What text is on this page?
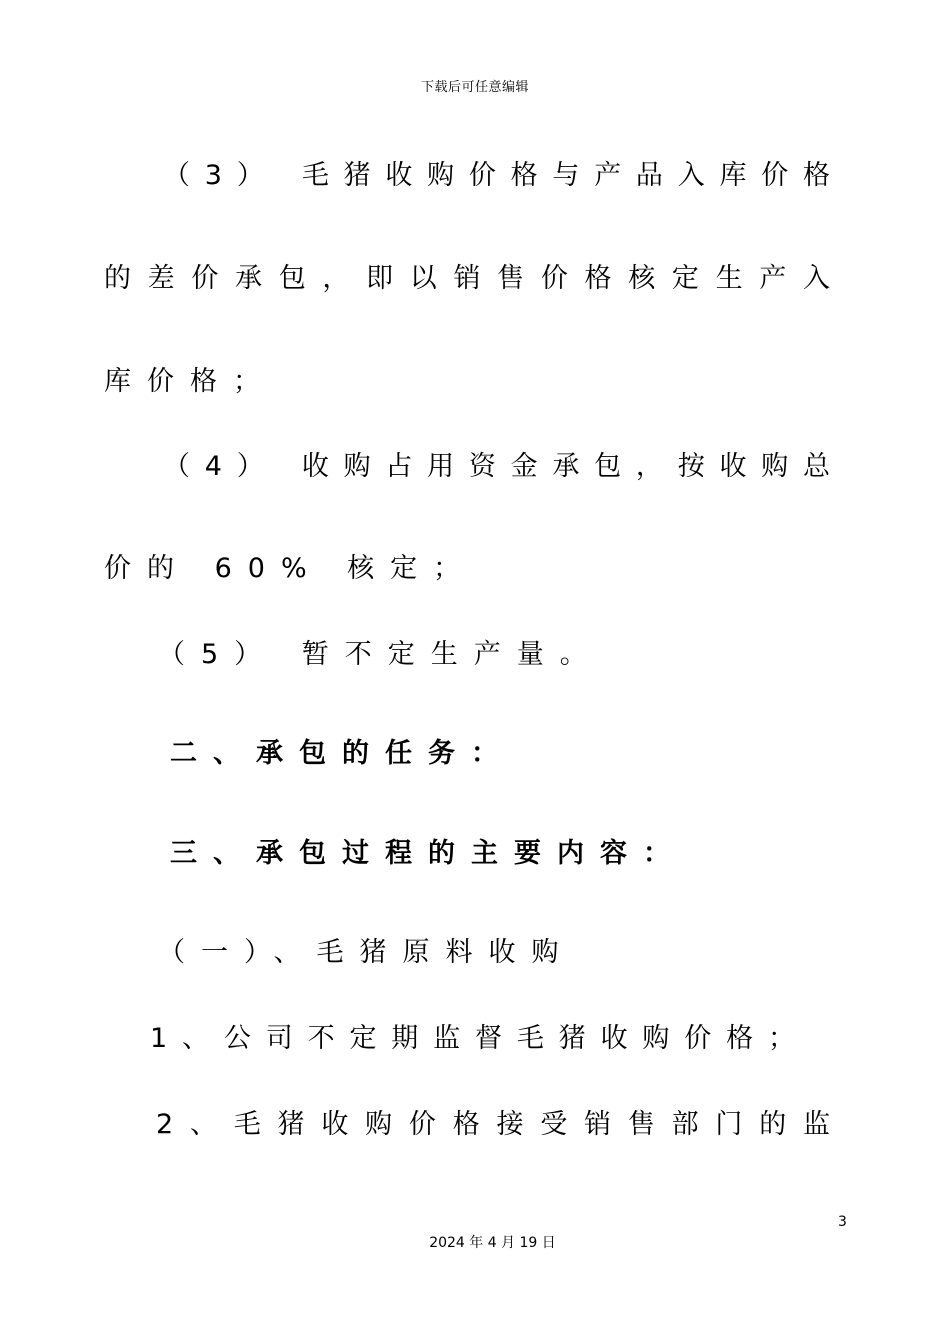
下载后可任意编辑
（3） 毛猪收购价格与产品入库价格
的差价承包，即以销售价格核定生产入
库价格；
（4） 收购占用资金承包，按收购总
价的 60% 核定；
（5） 暂不定生产量。
二、承包的任务：
三、承包过程的主要内容：
（一）、毛猪原料收购
1、公司不定期监督毛猪收购价格；
2、毛猪收购价格接受销售部门的监
3
2024 年 4 月 19 日
